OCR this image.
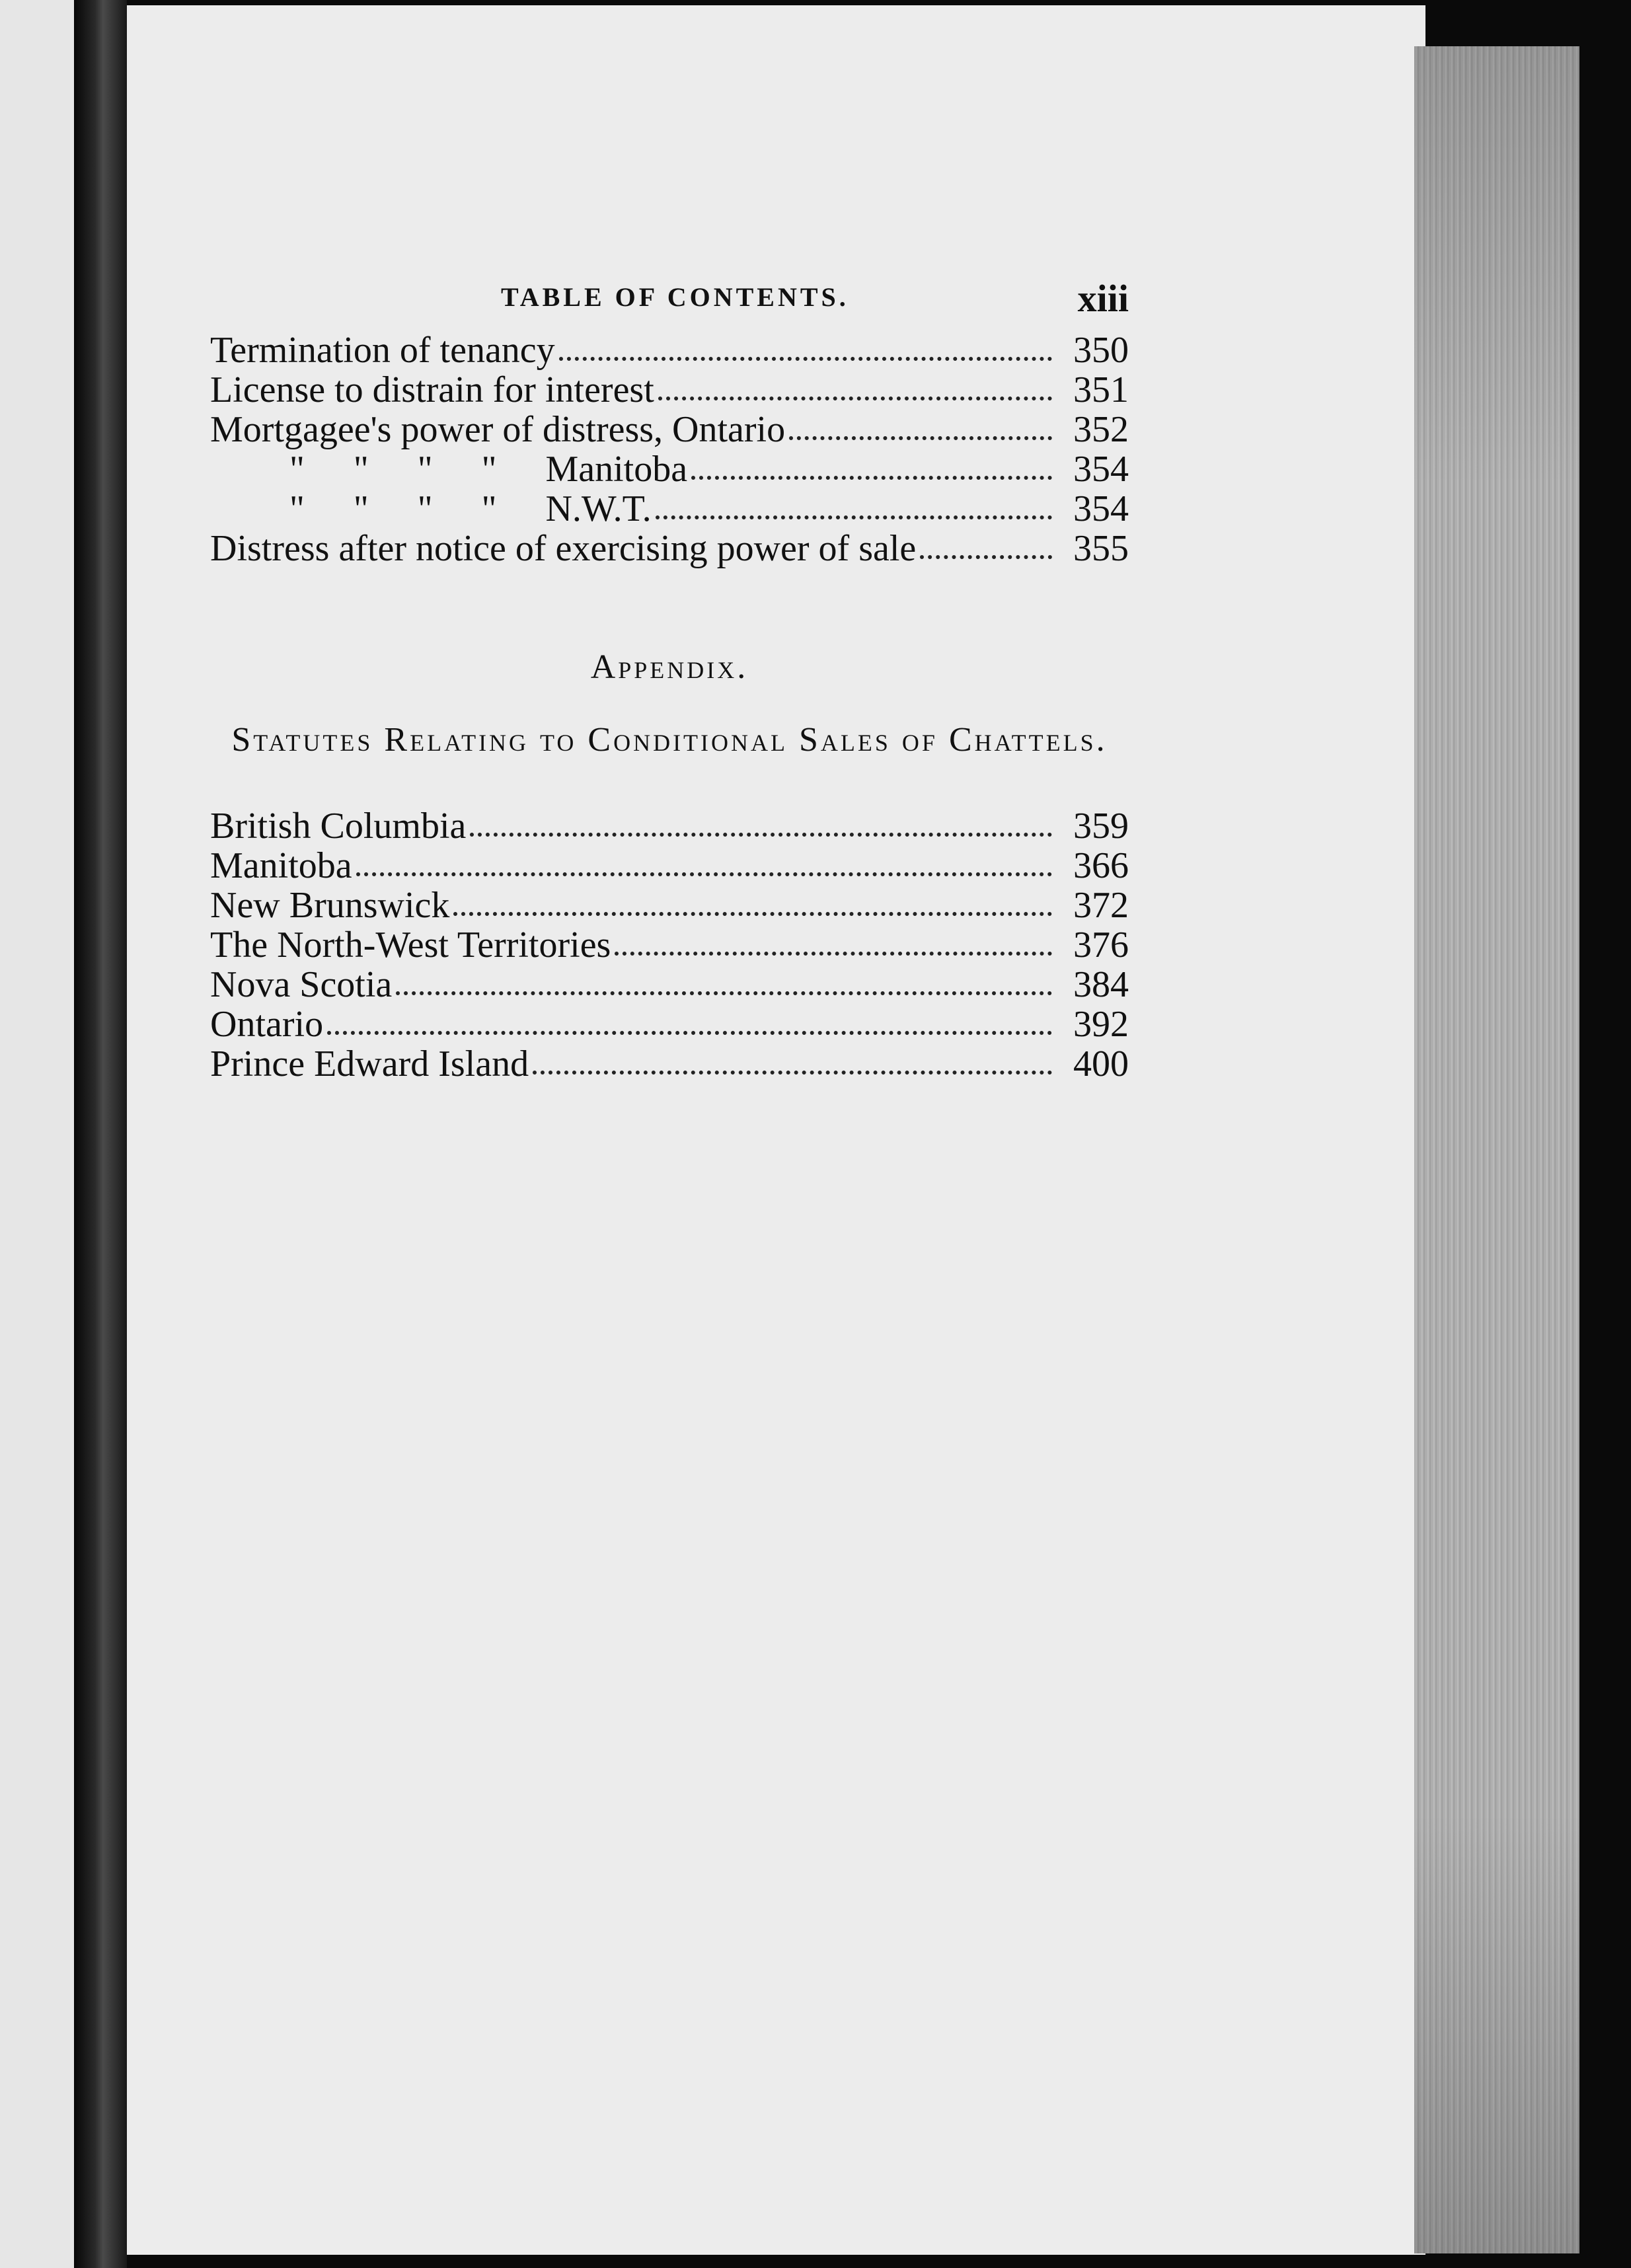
TABLE OF CONTENTS.	xiii
Termination of tenancy	350
License to distrain for interest	351
Mortgagee's power of distress, Ontario	352
" " " " Manitoba	354
" " " " N.W.T.	354
Distress after notice of exercising power of sale	355
Appendix.
Statutes Relating to Conditional Sales of Chattels.
British Columbia	359
Manitoba	366
New Brunswick	372
The North-West Territories	376
Nova Scotia	384
Ontario	392
Prince Edward Island	400
